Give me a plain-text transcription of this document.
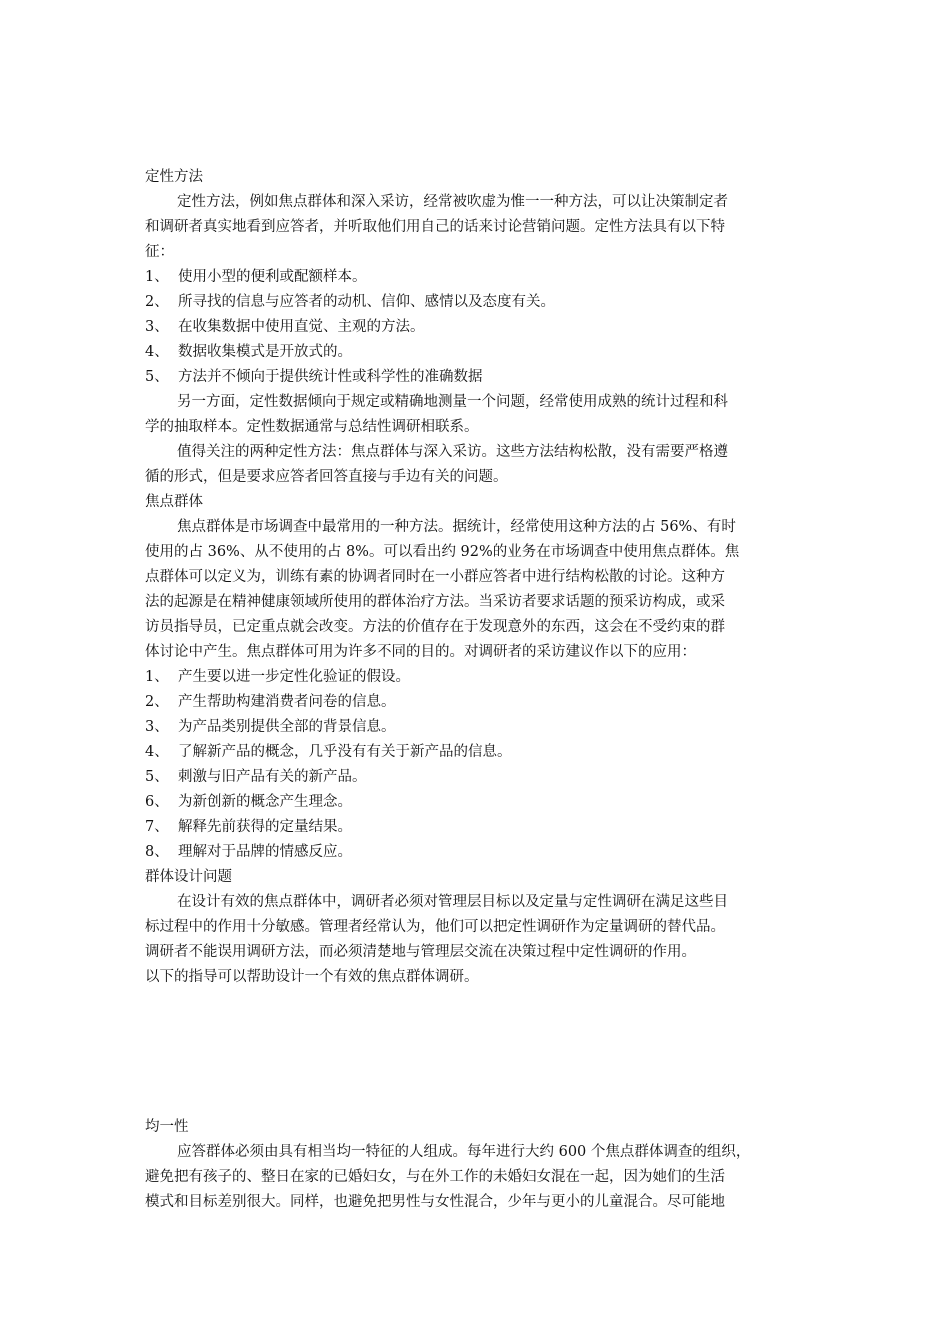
定性方法
定性方法，例如焦点群体和深入采访，经常被吹虚为惟一一种方法，可以让决策制定者
和调研者真实地看到应答者，并听取他们用自己的话来讨论营销问题。定性方法具有以下特
征：
1、 使用小型的便利或配额样本。
2、 所寻找的信息与应答者的动机、信仰、感情以及态度有关。
3、 在收集数据中使用直觉、主观的方法。
4、 数据收集模式是开放式的。
5、 方法并不倾向于提供统计性或科学性的准确数据
另一方面，定性数据倾向于规定或精确地测量一个问题，经常使用成熟的统计过程和科
学的抽取样本。定性数据通常与总结性调研相联系。
值得关注的两种定性方法：焦点群体与深入采访。这些方法结构松散，没有需要严格遵
循的形式，但是要求应答者回答直接与手边有关的问题。
焦点群体
焦点群体是市场调查中最常用的一种方法。据统计，经常使用这种方法的占 56%、有时
使用的占 36%、从不使用的占 8%。可以看出约 92%的业务在市场调查中使用焦点群体。焦
点群体可以定义为，训练有素的协调者同时在一小群应答者中进行结构松散的讨论。这种方
法的起源是在精神健康领域所使用的群体治疗方法。当采访者要求话题的预采访构成，或采
访员指导员，已定重点就会改变。方法的价值存在于发现意外的东西，这会在不受约束的群
体讨论中产生。焦点群体可用为许多不同的目的。对调研者的采访建议作以下的应用：
1、 产生要以进一步定性化验证的假设。
2、 产生帮助构建消费者问卷的信息。
3、 为产品类别提供全部的背景信息。
4、 了解新产品的概念，几乎没有有关于新产品的信息。
5、 刺激与旧产品有关的新产品。
6、 为新创新的概念产生理念。
7、 解释先前获得的定量结果。
8、 理解对于品牌的情感反应。
群体设计问题
在设计有效的焦点群体中，调研者必须对管理层目标以及定量与定性调研在满足这些目
标过程中的作用十分敏感。管理者经常认为，他们可以把定性调研作为定量调研的替代品。
调研者不能误用调研方法，而必须清楚地与管理层交流在决策过程中定性调研的作用。
以下的指导可以帮助设计一个有效的焦点群体调研。
均一性
应答群体必须由具有相当均一特征的人组成。每年进行大约 600 个焦点群体调查的组织，
避免把有孩子的、整日在家的已婚妇女，与在外工作的未婚妇女混在一起，因为她们的生活
模式和目标差别很大。同样，也避免把男性与女性混合，少年与更小的儿童混合。尽可能地
